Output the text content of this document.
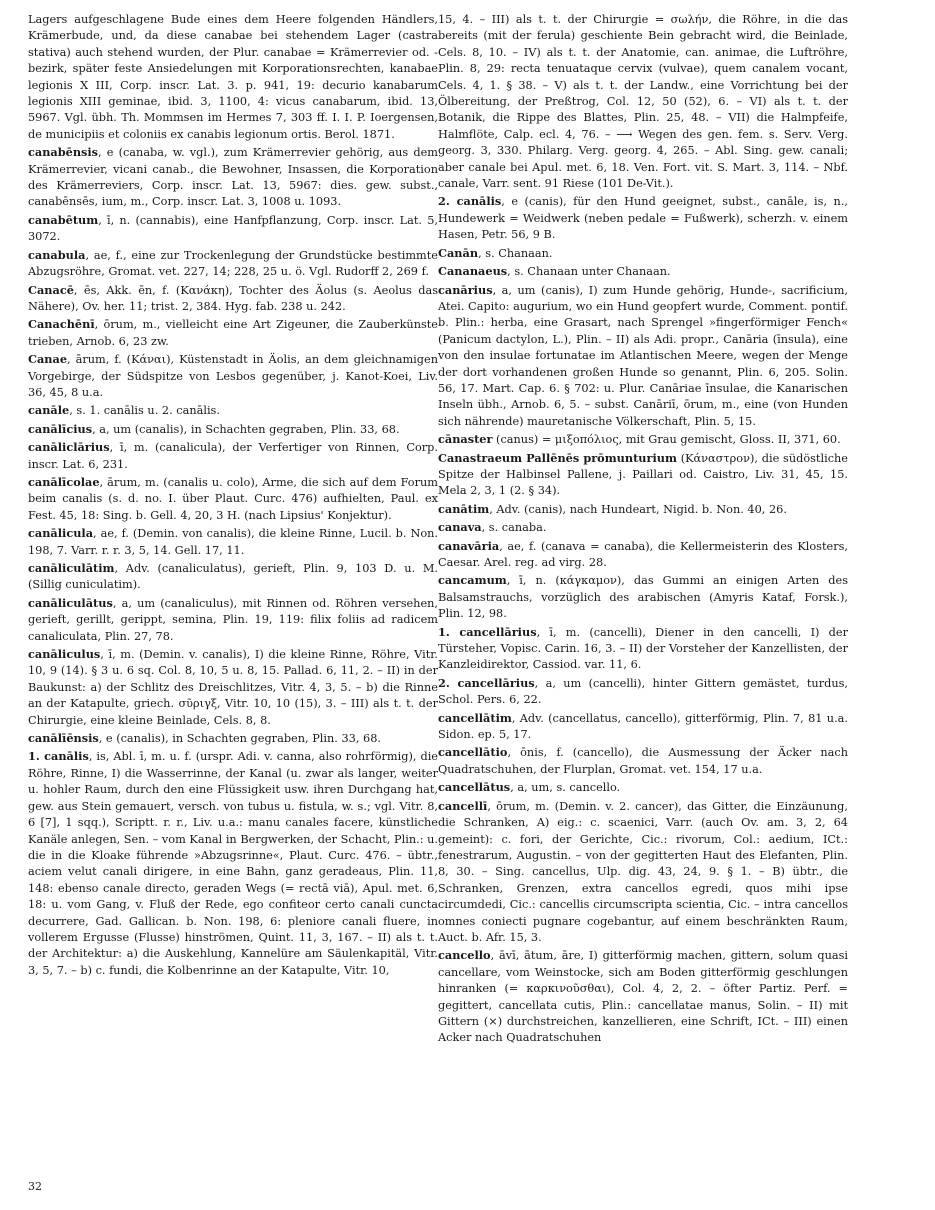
Lagers aufgeschlagene Bude eines dem Heere folgenden Händlers, Krämerbude, und, da diese canabae bei stehendem Lager (castra stativa) auch stehend wurden, der Plur. canabae = Krämerrevier od. -bezirk, später feste Ansiedelungen mit Korporationsrechten, kanabae legionis X III, Corp. inscr. Lat. 3. p. 941, 19: decurio kanabarum legionis XIII geminae, ibid. 3, 1100, 4: vicus canabarum, ibid. 13, 5967. Vgl. übh. Th. Mommsen im Hermes 7, 303 ff. I. I. P. Ioergensen, de municipiis et coloniis ex canabis legionum ortis. Berol. 1871.

canabēnsis, e (canaba, w. vgl.), zum Krämerrevier gehörig, aus dem Krämerrevier, vicani canab., die Bewohner, Insassen, die Korporation des Krämerreviers, Corp. inscr. Lat. 13, 5967: dies. gew. subst., canabēnsēs, ium, m., Corp. inscr. Lat. 3, 1008 u. 1093.

canabētum, ī, n. (cannabis), eine Hanfpflanzung, Corp. inscr. Lat. 5, 3072.

canabula, ae, f., eine zur Trockenlegung der Grundstücke bestimmte Abzugsröhre, Gromat. vet. 227, 14; 228, 25 u. ö. Vgl. Rudorff 2, 269 f.

Canacē, ēs, Akk. ēn, f. (Κανάκη), Tochter des Äolus (s. Aeolus das Nähere), Ov. her. 11; trist. 2, 384. Hyg. fab. 238 u. 242.

Canachēnī, ōrum, m., vielleicht eine Art Zigeuner, die Zauberkünste trieben, Arnob. 6, 23 zw.

Canae, ārum, f. (Κάναι), Küstenstadt in Äolis, an dem gleichnamigen Vorgebirge, der Südspitze von Lesbos gegenüber, j. Kanot-Koei, Liv. 36, 45, 8 u.a.

canāle, s. 1. canālis u. 2. canālis.

canālīcius, a, um (canalis), in Schachten gegraben, Plin. 33, 68.

canāliclārius, ī, m. (canalicula), der Verfertiger von Rinnen, Corp. inscr. Lat. 6, 231.

canālīcolae, ārum, m. (canalis u. colo), Arme, die sich auf dem Forum beim canalis (s. d. no. I. über Plaut. Curc. 476) aufhielten, Paul. ex Fest. 45, 18: Sing. b. Gell. 4, 20, 3 H. (nach Lipsius' Konjektur).

canālicula, ae, f. (Demin. von canalis), die kleine Rinne, Lucil. b. Non. 198, 7. Varr. r. r. 3, 5, 14. Gell. 17, 11.

canāliculātim, Adv. (canaliculatus), gerieft, Plin. 9, 103 D. u. M. (Sillig cuniculatim).

canāliculātus, a, um (canaliculus), mit Rinnen od. Röhren versehen, gerieft, gerillt, gerippt, semina, Plin. 19, 119: filix foliis ad radicem canaliculata, Plin. 27, 78.

canāliculus, ī, m. (Demin. v. canalis), I) die kleine Rinne, Röhre, Vitr. 10, 9 (14). § 3 u. 6 sq. Col. 8, 10, 5 u. 8, 15. Pallad. 6, 11, 2. – II) in der Baukunst: a) der Schlitz des Dreischlitzes, Vitr. 4, 3, 5. – b) die Rinne an der Katapulte, griech. σῦριγξ, Vitr. 10, 10 (15), 3. – III) als t. t. der Chirurgie, eine kleine Beinlade, Cels. 8, 8.

canālīēnsis, e (canalis), in Schachten gegraben, Plin. 33, 68.

1. canālis, is, Abl. ī, m. u. f. (urspr. Adi. v. canna, also rohrförmig), die Röhre, Rinne, I) die Wasserrinne, der Kanal (u. zwar als langer, weiter u. hohler Raum, durch den eine Flüssigkeit usw. ihren Durchgang hat, gew. aus Stein gemauert, versch. von tubus u. fistula, w. s.; vgl. Vitr. 8, 6 [7], 1 sqq.), Scriptt. r. r., Liv. u.a.: manu canales facere, künstliche Kanäle anlegen, Sen. – vom Kanal in Bergwerken, der Schacht, Plin.: u. die in die Kloake führende »Abzugsrinne«, Plaut. Curc. 476. – übtr., aciem velut canali dirigere, in eine Bahn, ganz geradeaus, Plin. 11, 148: ebenso canale directo, geraden Wegs (= rectā viā), Apul. met. 6, 18: u. vom Gang, v. Fluß der Rede, ego confiteor certo canali cuncta decurrere, Gad. Gallican. b. Non. 198, 6: pleniore canali fluere, in vollerem Ergusse (Flusse) hinströmen, Quint. 11, 3, 167. – II) als t. t. der Architektur: a) die Auskehlung, Kannelüre am Säulenkapitäl, Vitr. 3, 5, 7. – b) c. fundi, die Kolbenrinne an der Katapulte, Vitr. 10,

15, 4. – III) als t. t. der Chirurgie = σωλήν, die Röhre, in die das bereits (mit der ferula) geschiente Bein gebracht wird, die Beinlade, Cels. 8, 10. – IV) als t. t. der Anatomie, can. animae, die Luftröhre, Plin. 8, 29: recta tenuataque cervix (vulvae), quem canalem vocant, Cels. 4, 1. § 38. – V) als t. t. der Landw., eine Vorrichtung bei der Ölbereitung, der Preßtrog, Col. 12, 50 (52), 6. – VI) als t. t. der Botanik, die Rippe des Blattes, Plin. 25, 48. – VII) die Halmpfeife, Halmflöte, Calp. ecl. 4, 76. – ⟶ Wegen des gen. fem. s. Serv. Verg. georg. 3, 330. Philarg. Verg. georg. 4, 265. – Abl. Sing. gew. canali; aber canale bei Apul. met. 6, 18. Ven. Fort. vit. S. Mart. 3, 114. – Nbf. canale, Varr. sent. 91 Riese (101 De-Vit.).

2. canālis, e (canis), für den Hund geeignet, subst., canāle, is, n., Hundewerk = Weidwerk (neben pedale = Fußwerk), scherzh. v. einem Hasen, Petr. 56, 9 B.

Canān, s. Chanaan.

Cananaeus, s. Chanaan unter Chanaan.

canārius, a, um (canis), I) zum Hunde gehörig, Hunde-, sacrificium, Atei. Capito: augurium, wo ein Hund geopfert wurde, Comment. pontif. b. Plin.: herba, eine Grasart, nach Sprengel »fingerförmiger Fench« (Panicum dactylon, L.), Plin. – II) als Adi. propr., Canāria (īnsula), eine von den insulae fortunatae im Atlantischen Meere, wegen der Menge der dort vorhandenen großen Hunde so genannt, Plin. 6, 205. Solin. 56, 17. Mart. Cap. 6. § 702: u. Plur. Canāriae īnsulae, die Kanarischen Inseln übh., Arnob. 6, 5. – subst. Canāriī, ōrum, m., eine (von Hunden sich nährende) mauretanische Völkerschaft, Plin. 5, 15.

cānaster (canus) = μιξοπόλιος, mit Grau gemischt, Gloss. II, 371, 60.

Canastraeum Pallēnēs prōmunturium (Κάναστρον), die südöstliche Spitze der Halbinsel Pallene, j. Paillari od. Caistro, Liv. 31, 45, 15. Mela 2, 3, 1 (2. § 34).

canātim, Adv. (canis), nach Hundeart, Nigid. b. Non. 40, 26.

canava, s. canaba.

canavāria, ae, f. (canava = canaba), die Kellermeisterin des Klosters, Caesar. Arel. reg. ad virg. 28.

cancamum, ī, n. (κάγκαμον), das Gummi an einigen Arten des Balsamstrauchs, vorzüglich des arabischen (Amyris Kataf, Forsk.), Plin. 12, 98.

1. cancellārius, ī, m. (cancelli), Diener in den cancelli, I) der Türsteher, Vopisc. Carin. 16, 3. – II) der Vorsteher der Kanzellisten, der Kanzleidirektor, Cassiod. var. 11, 6.

2. cancellārius, a, um (cancelli), hinter Gittern gemästet, turdus, Schol. Pers. 6, 22.

cancellātim, Adv. (cancellatus, cancello), gitterförmig, Plin. 7, 81 u.a. Sidon. ep. 5, 17.

cancellātio, ōnis, f. (cancello), die Ausmessung der Äcker nach Quadratschuhen, der Flurplan, Gromat. vet. 154, 17 u.a.

cancellātus, a, um, s. cancello.

cancellī, ōrum, m. (Demin. v. 2. cancer), das Gitter, die Einzäunung, die Schranken, A) eig.: c. scaenici, Varr. (auch Ov. am. 3, 2, 64 gemeint): c. fori, der Gerichte, Cic.: rivorum, Col.: aedium, ICt.: fenestrarum, Augustin. – von der gegitterten Haut des Elefanten, Plin. 8, 30. – Sing. cancellus, Ulp. dig. 43, 24, 9. § 1. – B) übtr., die Schranken, Grenzen, extra cancellos egredi, quos mihi ipse circumdedi, Cic.: cancellis circumscripta scientia, Cic. – intra cancellos omnes coniecti pugnare cogebantur, auf einem beschränkten Raum, Auct. b. Afr. 15, 3.

cancello, āvī, ātum, āre, I) gitterförmig machen, gittern, solum quasi cancellare, vom Weinstocke, sich am Boden gitterförmig geschlungen hinranken (= καρκινοῦσθαι), Col. 4, 2, 2. – öfter Partiz. Perf. = gegittert, cancellata cutis, Plin.: cancellatae manus, Solin. – II) mit Gittern (×) durchstreichen, kanzellieren, eine Schrift, ICt. – III) einen Acker nach Quadratschuhen

32
